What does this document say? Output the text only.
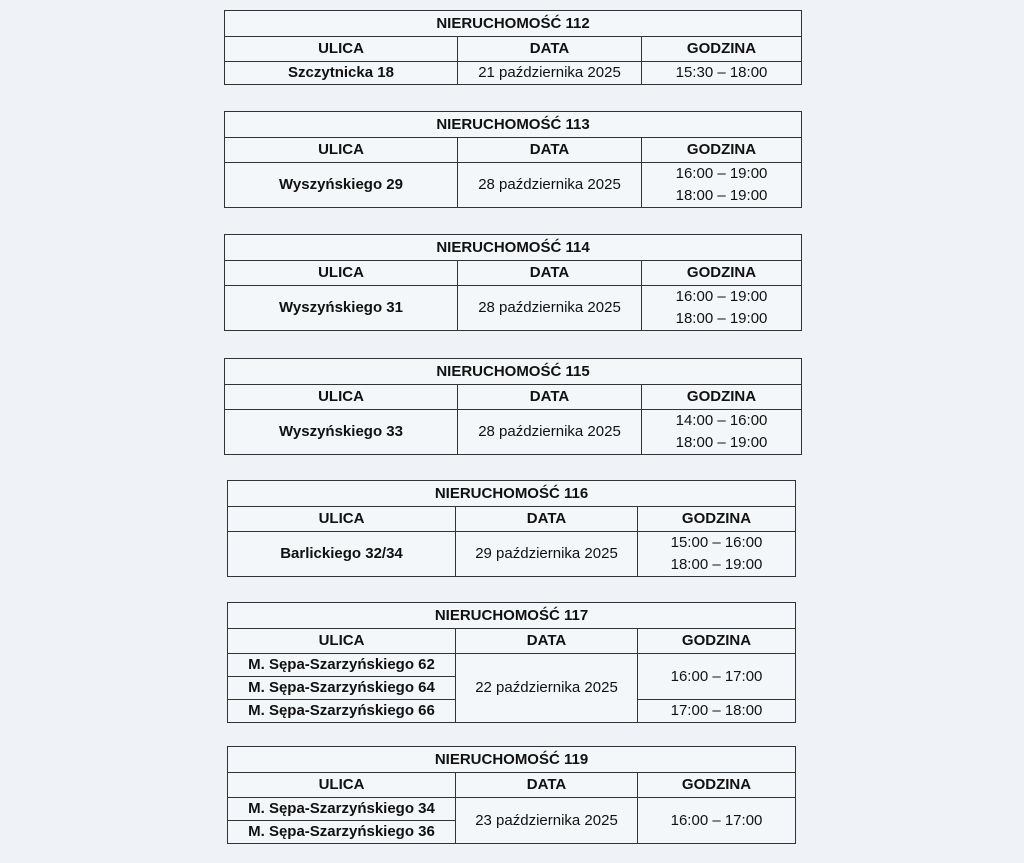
NIERUCHOMOŚĆ 112		
ULICA	DATA	GODZINA
Szczytnicka 18	21 października 2025	15:30 – 18:00
NIERUCHOMOŚĆ 113		
ULICA	DATA	GODZINA
Wyszyńskiego 29	28 października 2025	16:00 – 19:00
18:00 – 19:00
NIERUCHOMOŚĆ 114		
ULICA	DATA	GODZINA
Wyszyńskiego 31	28 października 2025	16:00 – 19:00
18:00 – 19:00
NIERUCHOMOŚĆ 115		
ULICA	DATA	GODZINA
Wyszyńskiego 33	28 października 2025	14:00 – 16:00
18:00 – 19:00
NIERUCHOMOŚĆ 116		
ULICA	DATA	GODZINA
Barlickiego 32/34	29 października 2025	15:00 – 16:00
18:00 – 19:00
NIERUCHOMOŚĆ 117		
ULICA	DATA	GODZINA
M. Sępa-Szarzyńskiego 62	22 października 2025	16:00 – 17:00

M. Sępa-Szarzyńskiego 64		
M. Sępa-Szarzyńskiego 66		17:00 – 18:00
NIERUCHOMOŚĆ 119		
ULICA	DATA	GODZINA
M. Sępa-Szarzyńskiego 34	23 października 2025	16:00 – 17:00

M. Sępa-Szarzyńskiego 36		
